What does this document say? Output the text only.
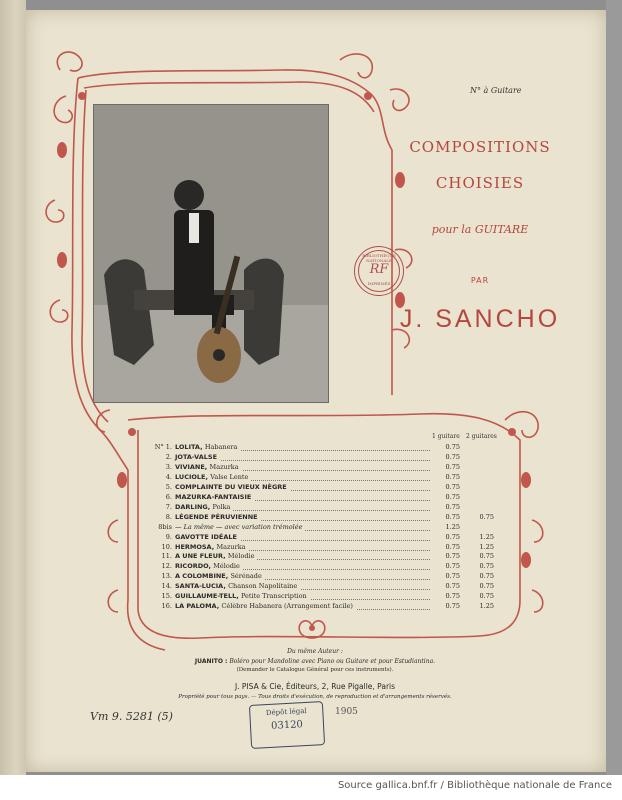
N° à Guitare
COMPOSITIONS
CHOISIES
pour la GUITARE
BIBLIOTHÈQUE NATIONALE
RF
IMPRIMÉS	PAR
J. SANCHO
1 guitare 2 guitares
N° 1. LOLITA, Habanera	0.75
2. JOTA-VALSE	0.75
3. VIVIANE, Mazurka	0.75
4. LUCIOLE, Valse Lente	0.75
5. COMPLAINTE DU VIEUX NÈGRE	0.75
6. MAZURKA-FANTAISIE	0.75
7. DARLING, Polka	0.75
8. LÉGENDE PÉRUVIENNE	0.75	0.75
8bis — La même — avec variation trémolée	1.25
9. GAVOTTE IDÉALE	0.75	1.25
10. HERMOSA, Mazurka	0.75	1.25
11. A UNE FLEUR, Mélodie	0.75	0.75
12. RICORDO, Mélodie	0.75	0.75
13. A COLOMBINE, Sérénade	0.75	0.75
14. SANTA-LUCIA, Chanson Napolitaine	0.75	0.75
15. GUILLAUME-TELL, Petite Transcription	0.75	0.75
16. LA PALOMA, Célèbre Habanera (Arrangement facile)	0.75	1.25
Du même Auteur :
JUANITO : Boléro pour Mandoline avec Piano ou Guitare et pour Estudiantina.
(Demander le Catalogue Général pour ces instruments).
J. PISA & Cie, Éditeurs, 2, Rue Pigalle, Paris
Propriété pour tous pays. — Tous droits d'exécution, de reproduction et d'arrangements réservés.
Vm 9. 5281 (5)	Dépôt légal
03120
1905
Source gallica.bnf.fr / Bibliothèque nationale de France
